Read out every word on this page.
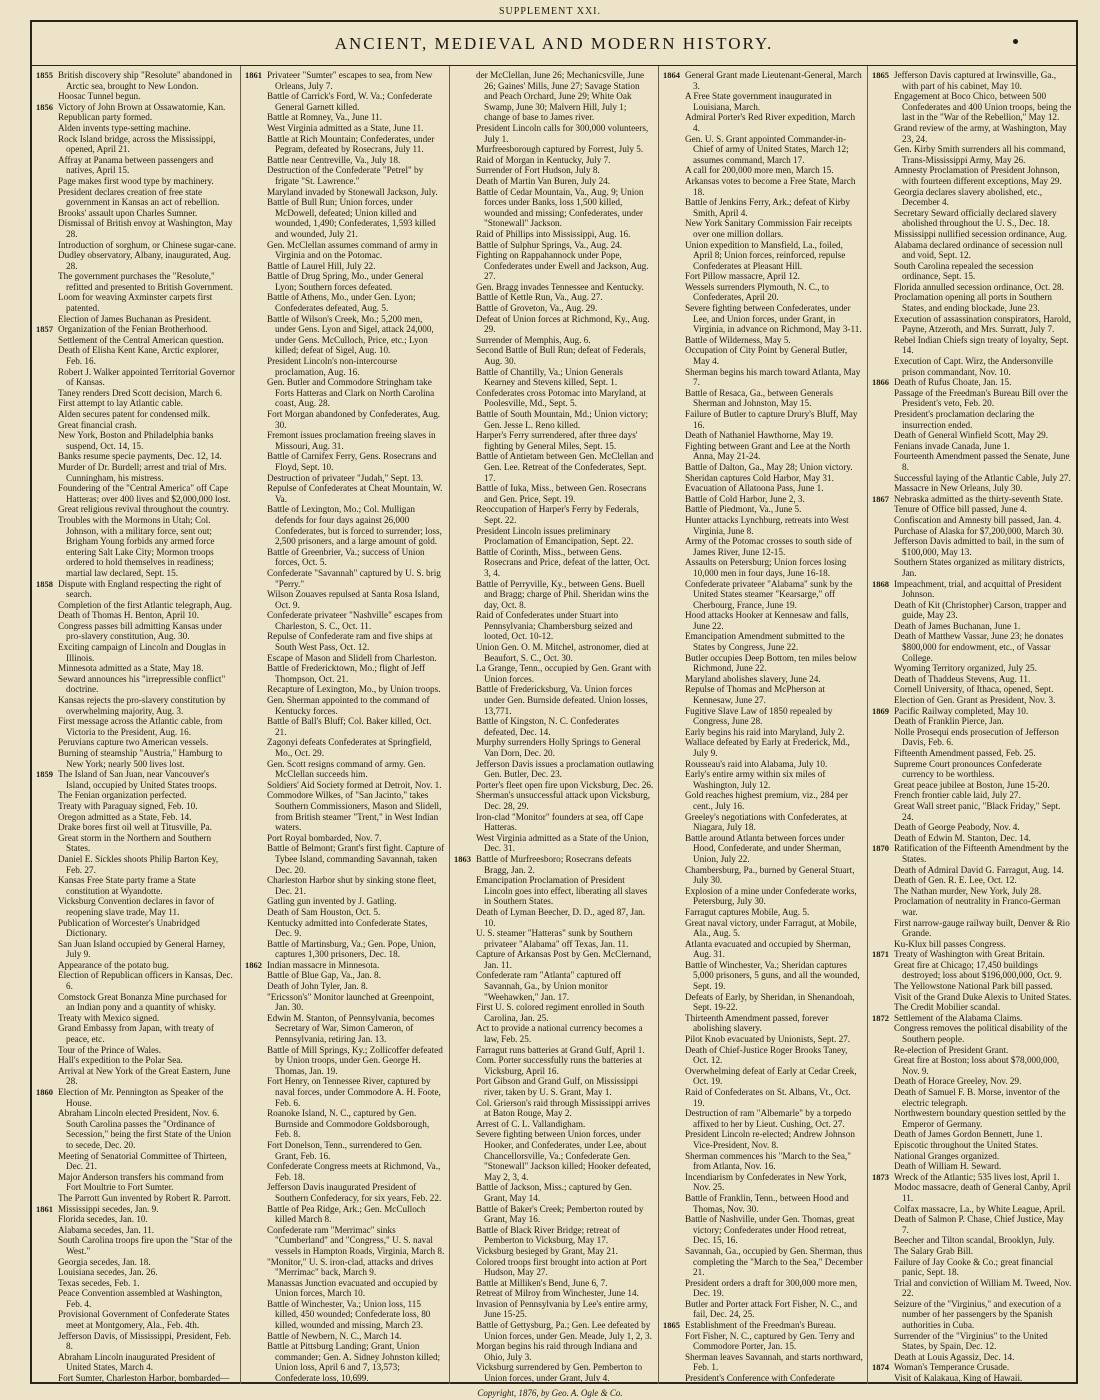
SUPPLEMENT XXI.
ANCIENT, MEDIEVAL AND MODERN HISTORY.
1855 British discovery ship "Resolute" abandoned in Arctic sea, brought to New London.

Hoosac Tunnel begun.

1856 Victory of John Brown at Ossawatomie, Kan.

Republican party formed.

Alden invents type-setting machine.

Rock Island bridge, across the Mississippi, opened, April 21.

Affray at Panama between passengers and natives, April 15.

Page makes first wood type by machinery.

President declares creation of free state government in Kansas an act of rebellion.

Brooks' assault upon Charles Sumner.

Dismissal of British envoy at Washington, May 28.

Introduction of sorghum, or Chinese sugar-cane.

Dudley observatory, Albany, inaugurated, Aug. 28.

The government purchases the "Resolute," refitted and presented to British Government.

Loom for weaving Axminster carpets first patented.

Election of James Buchanan as President.

1857 Organization of the Fenian Brotherhood.

Settlement of the Central American question.

Death of Elisha Kent Kane, Arctic explorer, Feb. 16.

Robert J. Walker appointed Territorial Governor of Kansas.

Taney renders Dred Scott decision, March 6.

First attempt to lay Atlantic cable.

Alden secures patent for condensed milk.

Great financial crash.

New York, Boston and Philadelphia banks suspend, Oct. 14, 15.

Banks resume specie payments, Dec. 12, 14.

Murder of Dr. Burdell; arrest and trial of Mrs. Cunningham, his mistress.

Foundering of the "Central America" off Cape Hatteras; over 400 lives and $2,000,000 lost.

Great religious revival throughout the country.

Troubles with the Mormons in Utah; Col. Johnson, with a military force, sent out; Brigham Young forbids any armed force entering Salt Lake City; Mormon troops ordered to hold themselves in readiness; martial law declared, Sept. 15.

1858 Dispute with England respecting the right of search.

Completion of the first Atlantic telegraph, Aug.

Death of Thomas H. Benton, April 10.

Congress passes bill admitting Kansas under pro-slavery constitution, Aug. 30.

Exciting campaign of Lincoln and Douglas in Illinois.

Minnesota admitted as a State, May 18.

Seward announces his "irrepressible conflict" doctrine.

Kansas rejects the pro-slavery constitution by overwhelming majority, Aug. 3.

First message across the Atlantic cable, from Victoria to the President, Aug. 16.

Peruvians capture two American vessels.

Burning of steamship "Austria," Hamburg to New York; nearly 500 lives lost.

1859 The Island of San Juan, near Vancouver's Island, occupied by United States troops.

The Fenian organization perfected.

Treaty with Paraguay signed, Feb. 10.

Oregon admitted as a State, Feb. 14.

Drake bores first oil well at Titusville, Pa.

Great storm in the Northern and Southern States.

Daniel E. Sickles shoots Philip Barton Key, Feb. 27.

Kansas Free State party frame a State constitution at Wyandotte.

Vicksburg Convention declares in favor of reopening slave trade, May 11.

Publication of Worcester's Unabridged Dictionary.

San Juan Island occupied by General Harney, July 9.

Appearance of the potato bug.

Election of Republican officers in Kansas, Dec. 6.

Comstock Great Bonanza Mine purchased for an Indian pony and a quantity of whisky.

Treaty with Mexico signed.

Grand Embassy from Japan, with treaty of peace, etc.

Tour of the Prince of Wales.

Hall's expedition to the Polar Sea.

Arrival at New York of the Great Eastern, June 28.

1860 Election of Mr. Pennington as Speaker of the House.

Abraham Lincoln elected President, Nov. 6. South Carolina passes the "Ordinance of Secession," being the first State of the Union to secede, Dec. 20.

Meeting of Senatorial Committee of Thirteen, Dec. 21.

Major Anderson transfers his command from Fort Moultrie to Fort Sumter.

The Parrott Gun invented by Robert R. Parrott.

1861 Mississippi secedes, Jan. 9.

Florida secedes, Jan. 10.

Alabama secedes, Jan. 11.

South Carolina troops fire upon the "Star of the West."

Georgia secedes, Jan. 18.

Louisiana secedes, Jan. 26.

Texas secedes, Feb. 1.

Peace Convention assembled at Washington, Feb. 4.

Provisional Government of Confederate States meet at Montgomery, Ala., Feb. 4th.

Jefferson Davis, of Mississippi, President, Feb. 8.

Abraham Lincoln inaugurated President of United States, March 4.

Fort Sumter, Charleston Harbor, bombarded—

1861 Privateer "Sumter" escapes to sea, from New Orleans, July 7.

Battle of Carrick's Ford, W. Va.; Confederate General Garnett killed.

Battle at Romney, Va., June 11.

West Virginia admitted as a State, June 11.

Battle at Rich Mountain; Confederates, under Pegram, defeated by Rosecrans, July 11.

Battle near Centreville, Va., July 18.

Destruction of the Confederate "Petrel" by frigate "St. Lawrence."

Maryland invaded by Stonewall Jackson, July.

Battle of Bull Run; Union forces, under McDowell, defeated; Union killed and wounded, 1,490; Confederates, 1,593 killed and wounded, July 21.

Gen. McClellan assumes command of army in Virginia and on the Potomac.

Battle of Laurel Hill, July 22.

Battle of Drug Spring, Mo., under General Lyon; Southern forces defeated.

Battle of Athens, Mo., under Gen. Lyon; Confederates defeated, Aug. 5.

Battle of Wilson's Creek, Mo.; 5,200 men, under Gens. Lyon and Sigel, attack 24,000, under Gens. McCulloch, Price, etc.; Lyon killed; defeat of Sigel, Aug. 10.

President Lincoln's non-intercourse proclamation, Aug. 16.

Gen. Butler and Commodore Stringham take Forts Hatteras and Clark on North Carolina coast, Aug. 28.

Fort Morgan abandoned by Confederates, Aug. 30.

Fremont issues proclamation freeing slaves in Missouri, Aug. 31.

Battle of Carnifex Ferry, Gens. Rosecrans and Floyd, Sept. 10.

Destruction of privateer "Judah," Sept. 13.

Repulse of Confederates at Cheat Mountain, W. Va.

Battle of Lexington, Mo.; Col. Mulligan defends for four days against 26,000 Confederates, but is forced to surrender; loss, 2,500 prisoners, and a large amount of gold.

Battle of Greenbrier, Va.; success of Union forces, Oct. 5.

Confederate "Savannah" captured by U. S. brig "Perry."

Wilson Zouaves repulsed at Santa Rosa Island, Oct. 9.

Confederate privateer "Nashville" escapes from Charleston, S. C., Oct. 11.

Repulse of Confederate ram and five ships at South West Pass, Oct. 12.

Escape of Mason and Slidell from Charleston.

Battle of Fredericktown, Mo.; flight of Jeff Thompson, Oct. 21.

Recapture of Lexington, Mo., by Union troops.

Gen. Sherman appointed to the command of Kentucky forces.

Battle of Ball's Bluff; Col. Baker killed, Oct. 21.

Zagonyi defeats Confederates at Springfield, Mo., Oct. 29.

Gen. Scott resigns command of army. Gen. McClellan succeeds him.

Soldiers' Aid Society formed at Detroit, Nov. 1.

Commodore Wilkes, of "San Jacinto," takes Southern Commissioners, Mason and Slidell, from British steamer "Trent," in West Indian waters.

Port Royal bombarded, Nov. 7.

Battle of Belmont; Grant's first fight. Capture of Tybee Island, commanding Savannah, taken Dec. 20.

Charleston Harbor shut by sinking stone fleet, Dec. 21.

Gatling gun invented by J. Gatling.

Death of Sam Houston, Oct. 5.

Kentucky admitted into Confederate States, Dec. 9.

Battle of Martinsburg, Va.; Gen. Pope, Union, captures 1,300 prisoners, Dec. 18.

1862 Indian massacre in Minnesota.

Battle of Blue Gap, Va., Jan. 8.

Death of John Tyler, Jan. 8.

"Ericsson's" Monitor launched at Greenpoint, Jan. 30.

Edwin M. Stanton, of Pennsylvania, becomes Secretary of War, Simon Cameron, of Pennsylvania, retiring Jan. 13.

Battle of Mill Springs, Ky.; Zollicoffer defeated by Union troops, under Gen. George H. Thomas, Jan. 19.

Fort Henry, on Tennessee River, captured by naval forces, under Commodore A. H. Foote, Feb. 6.

Roanoke Island, N. C., captured by Gen. Burnside and Commodore Goldsborough, Feb. 8.

Fort Donelson, Tenn., surrendered to Gen. Grant, Feb. 16.

Confederate Congress meets at Richmond, Va., Feb. 18.

Jefferson Davis inaugurated President of Southern Confederacy, for six years, Feb. 22.

Battle of Pea Ridge, Ark.; Gen. McCulloch killed March 8.

Confederate ram "Merrimac" sinks "Cumberland" and "Congress," U. S. naval vessels in Hampton Roads, Virginia, March 8.

"Monitor," U. S. iron-clad, attacks and drives "Merrimac" back, March 9.

Manassas Junction evacuated and occupied by Union forces, March 10.

Battle of Winchester, Va.; Union loss, 115 killed, 450 wounded; Confederate loss, 80 killed, wounded and missing, March 23.

Battle of Newbern, N. C., March 14.

Battle at Pittsburg Landing; Grant, Union commander; Gen. A. Sidney Johnston killed; Union loss, April 6 and 7, 13,573; Confederate loss, 10,699.

der McClellan, June 26; Mechanicsville, June 26; Gaines' Mills, June 27; Savage Station and Peach Orchard, June 29; White Oak Swamp, June 30; Malvern Hill, July 1; change of base to James river.

President Lincoln calls for 300,000 volunteers, July 1.

Murfreesborough captured by Forrest, July 5.

Raid of Morgan in Kentucky, July 7.

Surrender of Fort Hudson, July 8.

Death of Martin Van Buren, July 24.

Battle of Cedar Mountain, Va., Aug. 9; Union forces under Banks, loss 1,500 killed, wounded and missing; Confederates, under "Stonewall" Jackson.

Raid of Phillips into Mississippi, Aug. 16.

Battle of Sulphur Springs, Va., Aug. 24.

Fighting on Rappahannock under Pope, Confederates under Ewell and Jackson, Aug. 27.

Gen. Bragg invades Tennessee and Kentucky.

Battle of Kettle Run, Va., Aug. 27.

Battle of Groveton, Va., Aug. 29.

Defeat of Union forces at Richmond, Ky., Aug. 29.

Surrender of Memphis, Aug. 6.

Second Battle of Bull Run; defeat of Federals, Aug. 30.

Battle of Chantilly, Va.; Union Generals Kearney and Stevens killed, Sept. 1.

Confederates cross Potomac into Maryland, at Poolesville, Md., Sept. 5.

Battle of South Mountain, Md.; Union victory; Gen. Jesse L. Reno killed.

Harper's Ferry surrendered, after three days' fighting by General Miles, Sept. 15.

Battle of Antietam between Gen. McClellan and Gen. Lee. Retreat of the Confederates, Sept. 17.

Battle of Iuka, Miss., between Gen. Rosecrans and Gen. Price, Sept. 19.

Reoccupation of Harper's Ferry by Federals, Sept. 22.

President Lincoln issues preliminary Proclamation of Emancipation, Sept. 22.

Battle of Corinth, Miss., between Gens. Rosecrans and Price, defeat of the latter, Oct. 3, 4.

Battle of Perryville, Ky., between Gens. Buell and Bragg; charge of Phil. Sheridan wins the day, Oct. 8.

Raid of Confederates under Stuart into Pennsylvania; Chambersburg seized and looted, Oct. 10-12.

Union Gen. O. M. Mitchel, astronomer, died at Beaufort, S. C., Oct. 30.

La Grange, Tenn., occupied by Gen. Grant with Union forces.

Battle of Fredericksburg, Va. Union forces under Gen. Burnside defeated. Union losses, 13,771.

Battle of Kingston, N. C. Confederates defeated, Dec. 14.

Murphy surrenders Holly Springs to General Van Dorn, Dec. 20.

Jefferson Davis issues a proclamation outlawing Gen. Butler, Dec. 23.

Porter's fleet open fire upon Vicksburg, Dec. 26.

Sherman's unsuccessful attack upon Vicksburg, Dec. 28, 29.

Iron-clad "Monitor" founders at sea, off Cape Hatteras.

West Virginia admitted as a State of the Union, Dec. 31.

1863 Battle of Murfreesboro; Rosecrans defeats Bragg, Jan. 2.

Emancipation Proclamation of President Lincoln goes into effect, liberating all slaves in Southern States.

Death of Lyman Beecher, D. D., aged 87, Jan. 10.

U. S. steamer "Hatteras" sunk by Southern privateer "Alabama" off Texas, Jan. 11.

Capture of Arkansas Post by Gen. McClernand, Jan. 11.

Confederate ram "Atlanta" captured off Savannah, Ga., by Union monitor "Weehawken," Jan. 17.

First U. S. colored regiment enrolled in South Carolina, Jan. 25.

Act to provide a national currency becomes a law, Feb. 25.

Farragut runs batteries at Grand Gulf, April 1.

Com. Porter successfully runs the batteries at Vicksburg, April 16.

Port Gibson and Grand Gulf, on Mississippi river, taken by U. S. Grant, May 1.

Col. Grierson's raid through Mississippi arrives at Baton Rouge, May 2.

Arrest of C. L. Vallandigham.

Severe fighting between Union forces, under Hooker, and Confederates, under Lee, about Chancellorsville, Va.; Confederate Gen. "Stonewall" Jackson killed; Hooker defeated, May 2, 3, 4.

Battle of Jackson, Miss.; captured by Gen. Grant, May 14.

Battle of Baker's Creek; Pemberton routed by Grant, May 16.

Battle of Black River Bridge; retreat of Pemberton to Vicksburg, May 17.

Vicksburg besieged by Grant, May 21.

Colored troops first brought into action at Port Hudson, May 27.

Battle at Milliken's Bend, June 6, 7.

Retreat of Milroy from Winchester, June 14.

Invasion of Pennsylvania by Lee's entire army, June 15-25.

Battle of Gettysburg, Pa.; Gen. Lee defeated by Union forces, under Gen. Meade, July 1, 2, 3.

Morgan begins his raid through Indiana and Ohio, July 3.

Vicksburg surrendered by Gen. Pemberton to Union forces, under Grant, July 4.

1864 General Grant made Lieutenant-General, March 3.

A Free State government inaugurated in Louisiana, March.

Admiral Porter's Red River expedition, March 4.

Gen. U. S. Grant appointed Commander-in-Chief of army of United States, March 12; assumes command, March 17.

A call for 200,000 more men, March 15.

Arkansas votes to become a Free State, March 18.

Battle of Jenkins Ferry, Ark.; defeat of Kirby Smith, April 4.

New York Sanitary Commission Fair receipts over one million dollars.

Union expedition to Mansfield, La., foiled, April 8; Union forces, reinforced, repulse Confederates at Pleasant Hill.

Fort Pillow massacre, April 12.

Wessels surrenders Plymouth, N. C., to Confederates, April 20.

Severe fighting between Confederates, under Lee, and Union forces, under Grant, in Virginia, in advance on Richmond, May 3-11.

Battle of Wilderness, May 5.

Occupation of City Point by General Butler, May 4.

Sherman begins his march toward Atlanta, May 7.

Battle of Resaca, Ga., between Generals Sherman and Johnston, May 15.

Failure of Butler to capture Drury's Bluff, May 16.

Death of Nathaniel Hawthorne, May 19.

Fighting between Grant and Lee at the North Anna, May 21-24.

Battle of Dalton, Ga., May 28; Union victory.

Sheridan captures Cold Harbor, May 31.

Evacuation of Allatoona Pass, June 1.

Battle of Cold Harbor, June 2, 3.

Battle of Piedmont, Va., June 5.

Hunter attacks Lynchburg, retreats into West Virginia, June 8.

Army of the Potomac crosses to south side of James River, June 12-15.

Assaults on Petersburg; Union forces losing 10,000 men in four days, June 16-18.

Confederate privateer "Alabama" sunk by the United States steamer "Kearsarge," off Cherbourg, France, June 19.

Hood attacks Hooker at Kennesaw and falls, June 22.

Emancipation Amendment submitted to the States by Congress, June 22.

Butler occupies Deep Bottom, ten miles below Richmond, June 22.

Maryland abolishes slavery, June 24.

Repulse of Thomas and McPherson at Kennesaw, June 27.

Fugitive Slave Law of 1850 repealed by Congress, June 28.

Early begins his raid into Maryland, July 2.

Wallace defeated by Early at Frederick, Md., July 9.

Rousseau's raid into Alabama, July 10.

Early's entire army within six miles of Washington, July 12.

Gold reaches highest premium, viz., 284 per cent., July 16.

Greeley's negotiations with Confederates, at Niagara, July 18.

Battle around Atlanta between forces under Hood, Confederate, and under Sherman, Union, July 22.

Chambersburg, Pa., burned by General Stuart, July 30.

Explosion of a mine under Confederate works, Petersburg, July 30.

Farragut captures Mobile, Aug. 5.

Great naval victory, under Farragut, at Mobile, Ala., Aug. 5.

Atlanta evacuated and occupied by Sherman, Aug. 31.

Battle of Winchester, Va.; Sheridan captures 5,000 prisoners, 5 guns, and all the wounded, Sept. 19.

Defeats of Early, by Sheridan, in Shenandoah, Sept. 19-22.

Thirteenth Amendment passed, forever abolishing slavery.

Pilot Knob evacuated by Unionists, Sept. 27.

Death of Chief-Justice Roger Brooks Taney, Oct. 12.

Overwhelming defeat of Early at Cedar Creek, Oct. 19.

Raid of Confederates on St. Albans, Vt., Oct. 19.

Destruction of ram "Albemarle" by a torpedo affixed to her by Lieut. Cushing, Oct. 27.

President Lincoln re-elected; Andrew Johnson Vice-President, Nov. 8.

Sherman commences his "March to the Sea," from Atlanta, Nov. 16.

Incendiarism by Confederates in New York, Nov. 25.

Battle of Franklin, Tenn., between Hood and Thomas, Nov. 30.

Battle of Nashville, under Gen. Thomas, great victory; Confederates under Hood retreat, Dec. 15, 16.

Savannah, Ga., occupied by Gen. Sherman, thus completing the "March to the Sea," December 21.

President orders a draft for 300,000 more men, Dec. 19.

Butler and Porter attack Fort Fisher, N. C., and fail, Dec. 24, 25.

1865 Establishment of the Freedman's Bureau.

Fort Fisher, N. C., captured by Gen. Terry and Commodore Porter, Jan. 15.

Sherman leaves Savannah, and starts northward, Feb. 1.

President's Conference with Confederate

1865 Jefferson Davis captured at Irwinsville, Ga., with part of his cabinet, May 10.

Engagement at Boco Chico, between 500 Confederates and 400 Union troops, being the last in the "War of the Rebellion," May 12.

Grand review of the army, at Washington, May 23, 24.

Gen. Kirby Smith surrenders all his command, Trans-Mississippi Army, May 26.

Amnesty Proclamation of President Johnson, with fourteen different exceptions, May 29.

Georgia declares slavery abolished, etc., December 4.

Secretary Seward officially declared slavery abolished throughout the U. S., Dec. 18.

Mississippi nullified secession ordinance, Aug.

Alabama declared ordinance of secession null and void, Sept. 12.

South Carolina repealed the secession ordinance, Sept. 15.

Florida annulled secession ordinance, Oct. 28.

Proclamation opening all ports in Southern States, and ending blockade, June 23.

Execution of assassination conspirators, Harold, Payne, Atzeroth, and Mrs. Surratt, July 7.

Rebel Indian Chiefs sign treaty of loyalty, Sept. 14.

Execution of Capt. Wirz, the Andersonville prison commandant, Nov. 10.

1866 Death of Rufus Choate, Jan. 15.

Passage of the Freedman's Bureau Bill over the President's veto, Feb. 20.

President's proclamation declaring the insurrection ended.

Death of General Winfield Scott, May 29.

Fenians invade Canada, June 1.

Fourteenth Amendment passed the Senate, June 8.

Successful laying of the Atlantic Cable, July 27.

Massacre in New Orleans, July 30.

1867 Nebraska admitted as the thirty-seventh State.

Tenure of Office bill passed, June 4.

Confiscation and Amnesty bill passed, Jan. 4.

Purchase of Alaska for $7,200,000, March 30.

Jefferson Davis admitted to bail, in the sum of $100,000, May 13.

Southern States organized as military districts, Jan.

1868 Impeachment, trial, and acquittal of President Johnson.

Death of Kit (Christopher) Carson, trapper and guide, May 23.

Death of James Buchanan, June 1.

Death of Matthew Vassar, June 23; he donates $800,000 for endowment, etc., of Vassar College.

Wyoming Territory organized, July 25.

Death of Thaddeus Stevens, Aug. 11.

Cornell University, of Ithaca, opened, Sept.

Election of Gen. Grant as President, Nov. 3.

1869 Pacific Railway completed, May 10.

Death of Franklin Pierce, Jan.

Nolle Prosequi ends prosecution of Jefferson Davis, Feb. 6.

Fifteenth Amendment passed, Feb. 25.

Supreme Court pronounces Confederate currency to be worthless.

Great peace jubilee at Boston, June 15-20.

French frontier cable laid, July 27.

Great Wall street panic, "Black Friday," Sept. 24.

Death of George Peabody, Nov. 4.

Death of Edwin M. Stanton, Dec. 14.

1870 Ratification of the Fifteenth Amendment by the States.

Death of Admiral David G. Farragut, Aug. 14.

Death of Gen. R. E. Lee, Oct. 12.

The Nathan murder, New York, July 28.

Proclamation of neutrality in Franco-German war.

First narrow-gauge railway built, Denver & Rio Grande.

Ku-Klux bill passes Congress.

1871 Treaty of Washington with Great Britain.

Great fire at Chicago; 17,450 buildings destroyed; loss about $196,000,000, Oct. 9.

The Yellowstone National Park bill passed.

Visit of the Grand Duke Alexis to United States.

The Credit Mobilier scandal.

1872 Settlement of the Alabama Claims.

Congress removes the political disability of the Southern people.

Re-election of President Grant.

Great fire at Boston; loss about $78,000,000, Nov. 9.

Death of Horace Greeley, Nov. 29.

Death of Samuel F. B. Morse, inventor of the electric telegraph.

Northwestern boundary question settled by the Emperor of Germany.

Death of James Gordon Bennett, June 1.

Episcotic throughout the United States.

National Granges organized.

Death of William H. Seward.

1873 Wreck of the Atlantic; 535 lives lost, April 1.

Modoc massacre, death of General Canby, April 11.

Colfax massacre, La., by White League, April.

Death of Salmon P. Chase, Chief Justice, May 7.

Beecher and Tilton scandal, Brooklyn, July.

The Salary Grab Bill.

Failure of Jay Cooke & Co.; great financial panic, Sept. 18.

Trial and conviction of William M. Tweed, Nov. 22.

Seizure of the "Virginius," and execution of a number of her passengers by the Spanish authorities in Cuba.

Surrender of the "Virginius" to the United States, by Spain, Dec. 12.

Death at Louis Agassiz, Dec. 14.

1874 Woman's Temperance Crusade.

Visit of Kalakaua, King of Hawaii.

Copyright, 1876, by Geo. A. Ogle & Co.
